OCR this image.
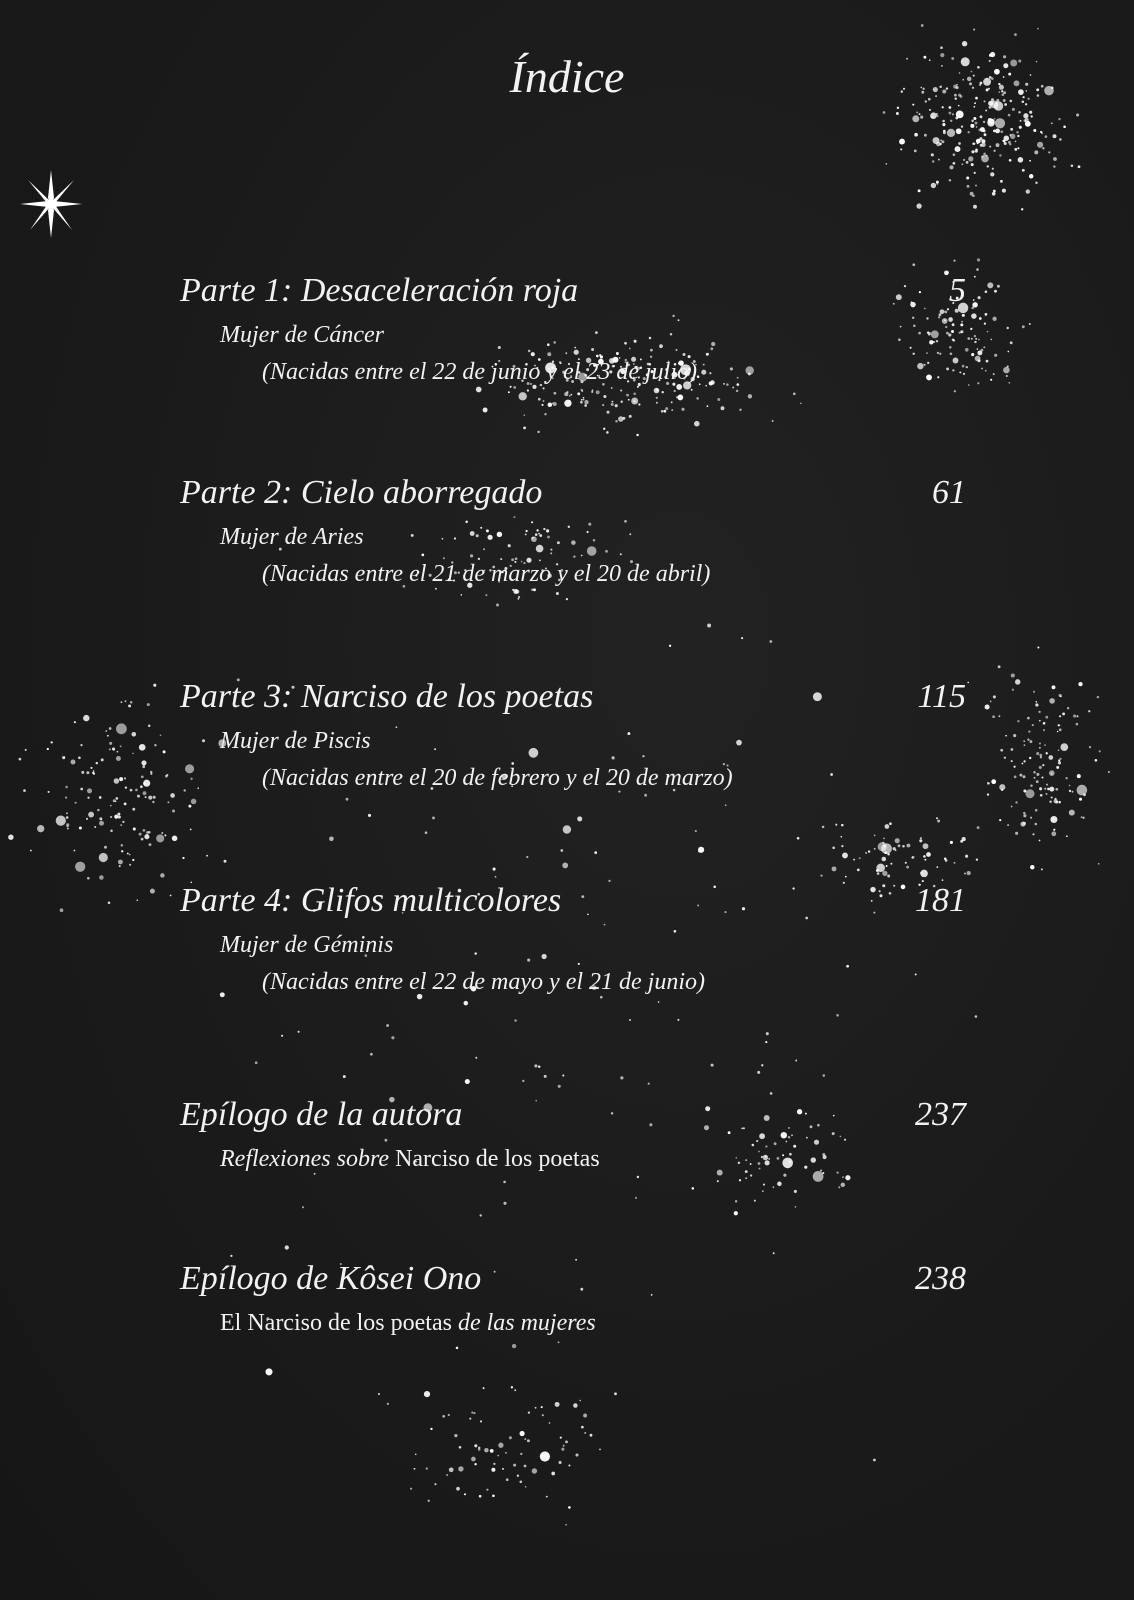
Índice
Parte 1: Desaceleración roja	5
Mujer de Cáncer
(Nacidas entre el 22 de junio y el 23 de julio)
Parte 2: Cielo aborregado	61
Mujer de Aries
(Nacidas entre el 21 de marzo y el 20 de abril)
Parte 3: Narciso de los poetas	115
Mujer de Piscis
(Nacidas entre el 20 de febrero y el 20 de marzo)
Parte 4: Glifos multicolores	181
Mujer de Géminis
(Nacidas entre el 22 de mayo y el 21 de junio)
Epílogo de la autora	237
Reflexiones sobre Narciso de los poetas
Epílogo de Kôsei Ono	238
El Narciso de los poetas de las mujeres
